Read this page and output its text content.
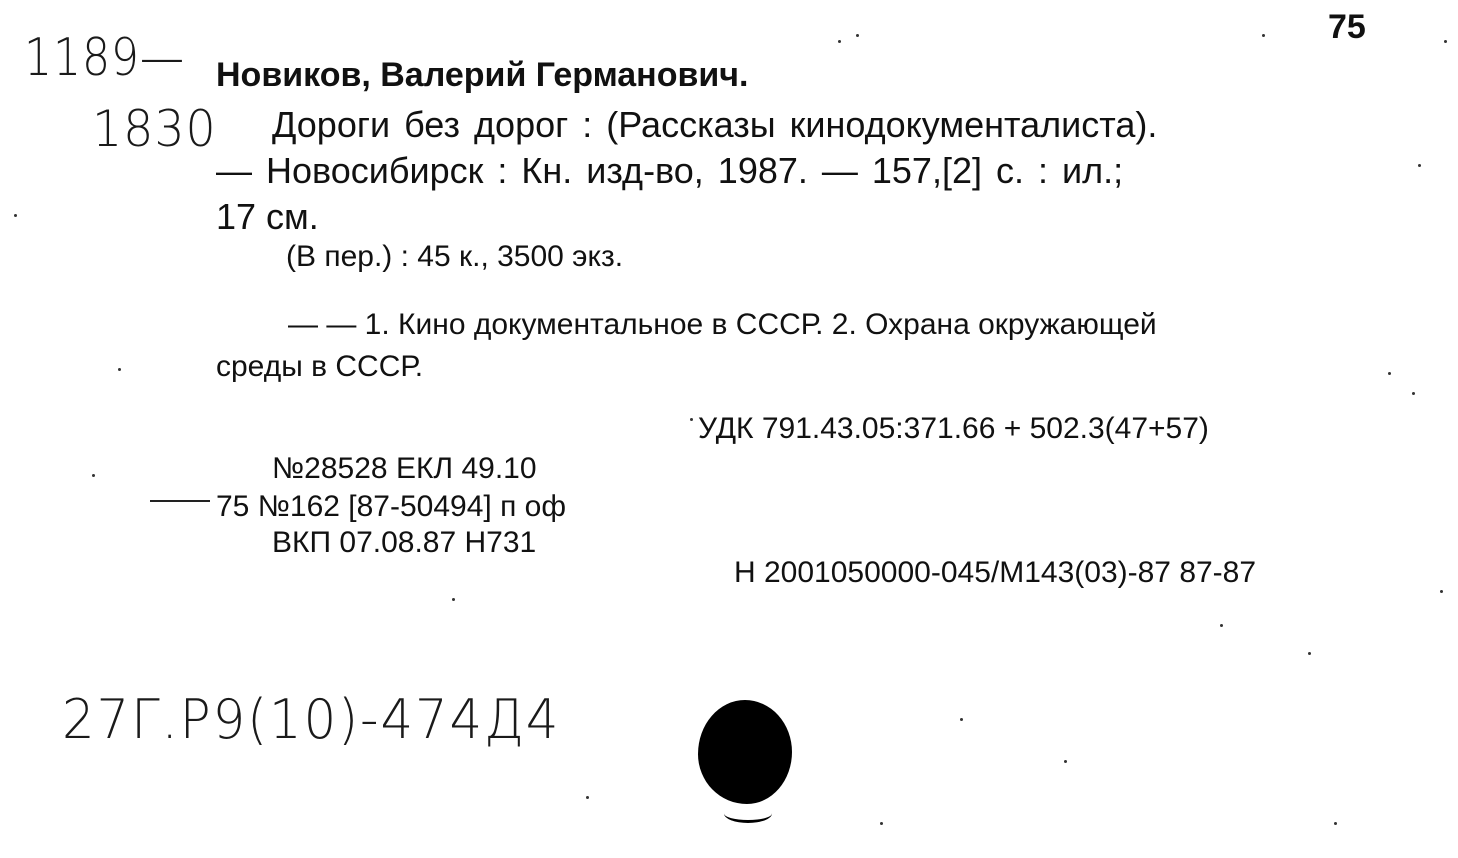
75
1189—
1830
Новиков, Валерий Германович.
Дороги без дорог : (Рассказы кинодокументалиста).
— Новосибирск : Кн. изд-во, 1987. — 157,[2] с. : ил.;
17 см.
(В пер.) : 45 к., 3500 экз.
— — 1. Кино документальное в СССР. 2. Охрана окружающей
среды в СССР.
УДК 791.43.05:371.66 + 502.3(47+57)
№28528 ЕКЛ 49.10
75 №162 [87-50494] п оф
ВКП 07.08.87 Н731
Н 2001050000-045/М143(03)-87 87-87
27Г.Р9(10)-474Д4
